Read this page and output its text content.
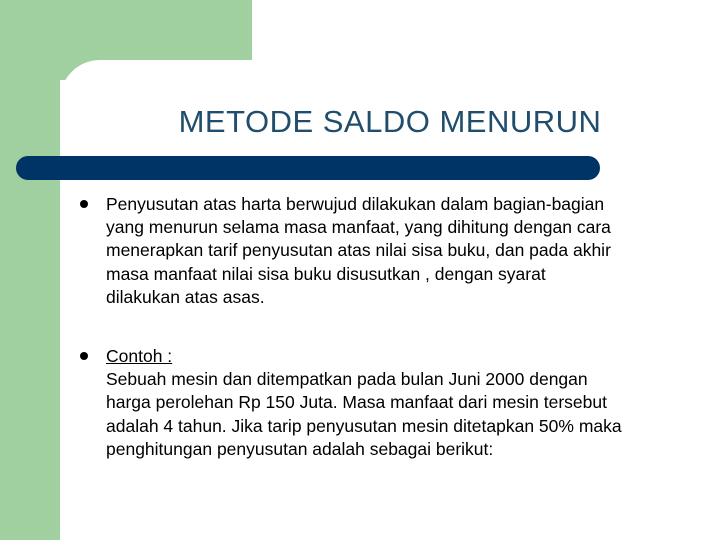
METODE SALDO MENURUN
Penyusutan atas harta berwujud dilakukan dalam bagian-bagian
yang menurun selama masa manfaat, yang dihitung dengan cara
menerapkan tarif penyusutan atas nilai sisa buku, dan pada akhir
masa manfaat nilai sisa buku disusutkan , dengan syarat
dilakukan atas asas.
Contoh :
Sebuah mesin dan ditempatkan pada bulan Juni 2000 dengan
harga perolehan Rp 150 Juta. Masa manfaat dari mesin tersebut
adalah 4 tahun. Jika tarip penyusutan mesin ditetapkan 50% maka
penghitungan penyusutan adalah sebagai berikut:
